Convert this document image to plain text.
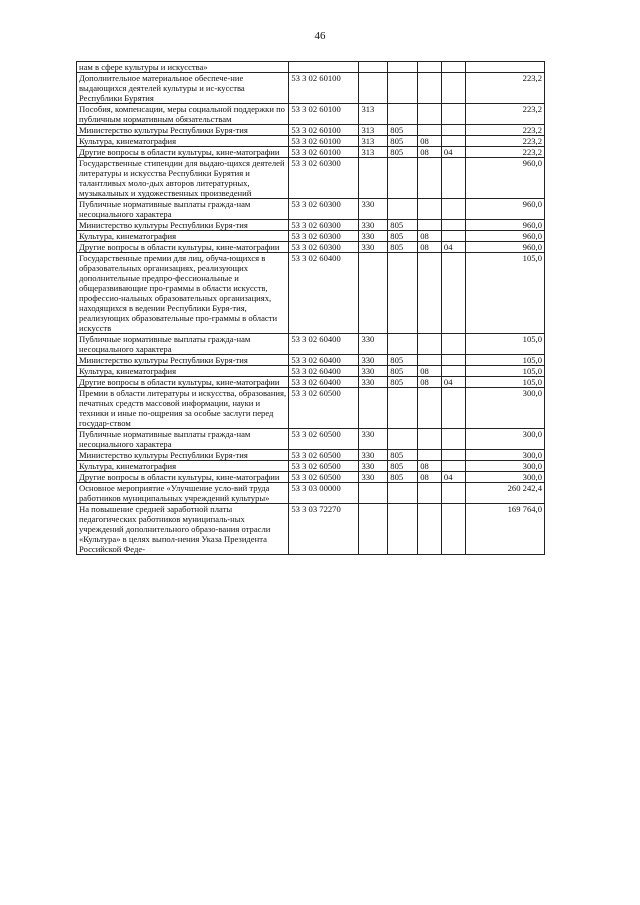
46
нам в сфере культуры и искусства»						
Дополнительное материальное обеспече-ние выдающихся деятелей культуры и ис-кусства Республики Бурятия	53 3 02 60100					223,2
Пособия, компенсации, меры социальной поддержки по публичным нормативным обязательствам	53 3 02 60100	313				223,2
Министерство культуры Республики Буря-тия	53 3 02 60100	313	805			223,2
Культура, кинематография	53 3 02 60100	313	805	08		223,2
Другие вопросы в области культуры, кине-матографии	53 3 02 60100	313	805	08	04	223,2
Государственные стипендии для выдаю-щихся деятелей литературы и искусства Республики Бурятия и талантливых моло-дых авторов литературных, музыкальных и художественных произведений	53 3 02 60300					960,0
Публичные нормативные выплаты гражда-нам несоциального характера	53 3 02 60300	330				960,0
Министерство культуры Республики Буря-тия	53 3 02 60300	330	805			960,0
Культура, кинематография	53 3 02 60300	330	805	08		960,0
Другие вопросы в области культуры, кине-матографии	53 3 02 60300	330	805	08	04	960,0
Государственные премии для лиц, обуча-ющихся в образовательных организациях, реализующих дополнительные предпро-фессиональные и общеразвивающие про-граммы в области искусств, профессио-нальных образовательных организациях, находящихся в ведении Республики Буря-тия, реализующих образовательные про-граммы в области искусств	53 3 02 60400					105,0
Публичные нормативные выплаты гражда-нам несоциального характера	53 3 02 60400	330				105,0
Министерство культуры Республики Буря-тия	53 3 02 60400	330	805			105,0
Культура, кинематография	53 3 02 60400	330	805	08		105,0
Другие вопросы в области культуры, кине-матографии	53 3 02 60400	330	805	08	04	105,0
Премии в области литературы и искусства, образования, печатных средств массовой информации, науки и техники и иные по-ощрения за особые заслуги перед государ-ством	53 3 02 60500					300,0
Публичные нормативные выплаты гражда-нам несоциального характера	53 3 02 60500	330				300,0
Министерство культуры Республики Буря-тия	53 3 02 60500	330	805			300,0
Культура, кинематография	53 3 02 60500	330	805	08		300,0
Другие вопросы в области культуры, кине-матографии	53 3 02 60500	330	805	08	04	300,0
Основное мероприятие «Улучшение усло-вий труда работников муниципальных учреждений культуры»	53 3 03 00000					260 242,4
На повышение средней заработной платы педагогических работников муниципаль-ных учреждений дополнительного образо-вания отрасли «Культура» в целях выпол-нения Указа Президента Российской Феде-	53 3 03 72270					169 764,0
